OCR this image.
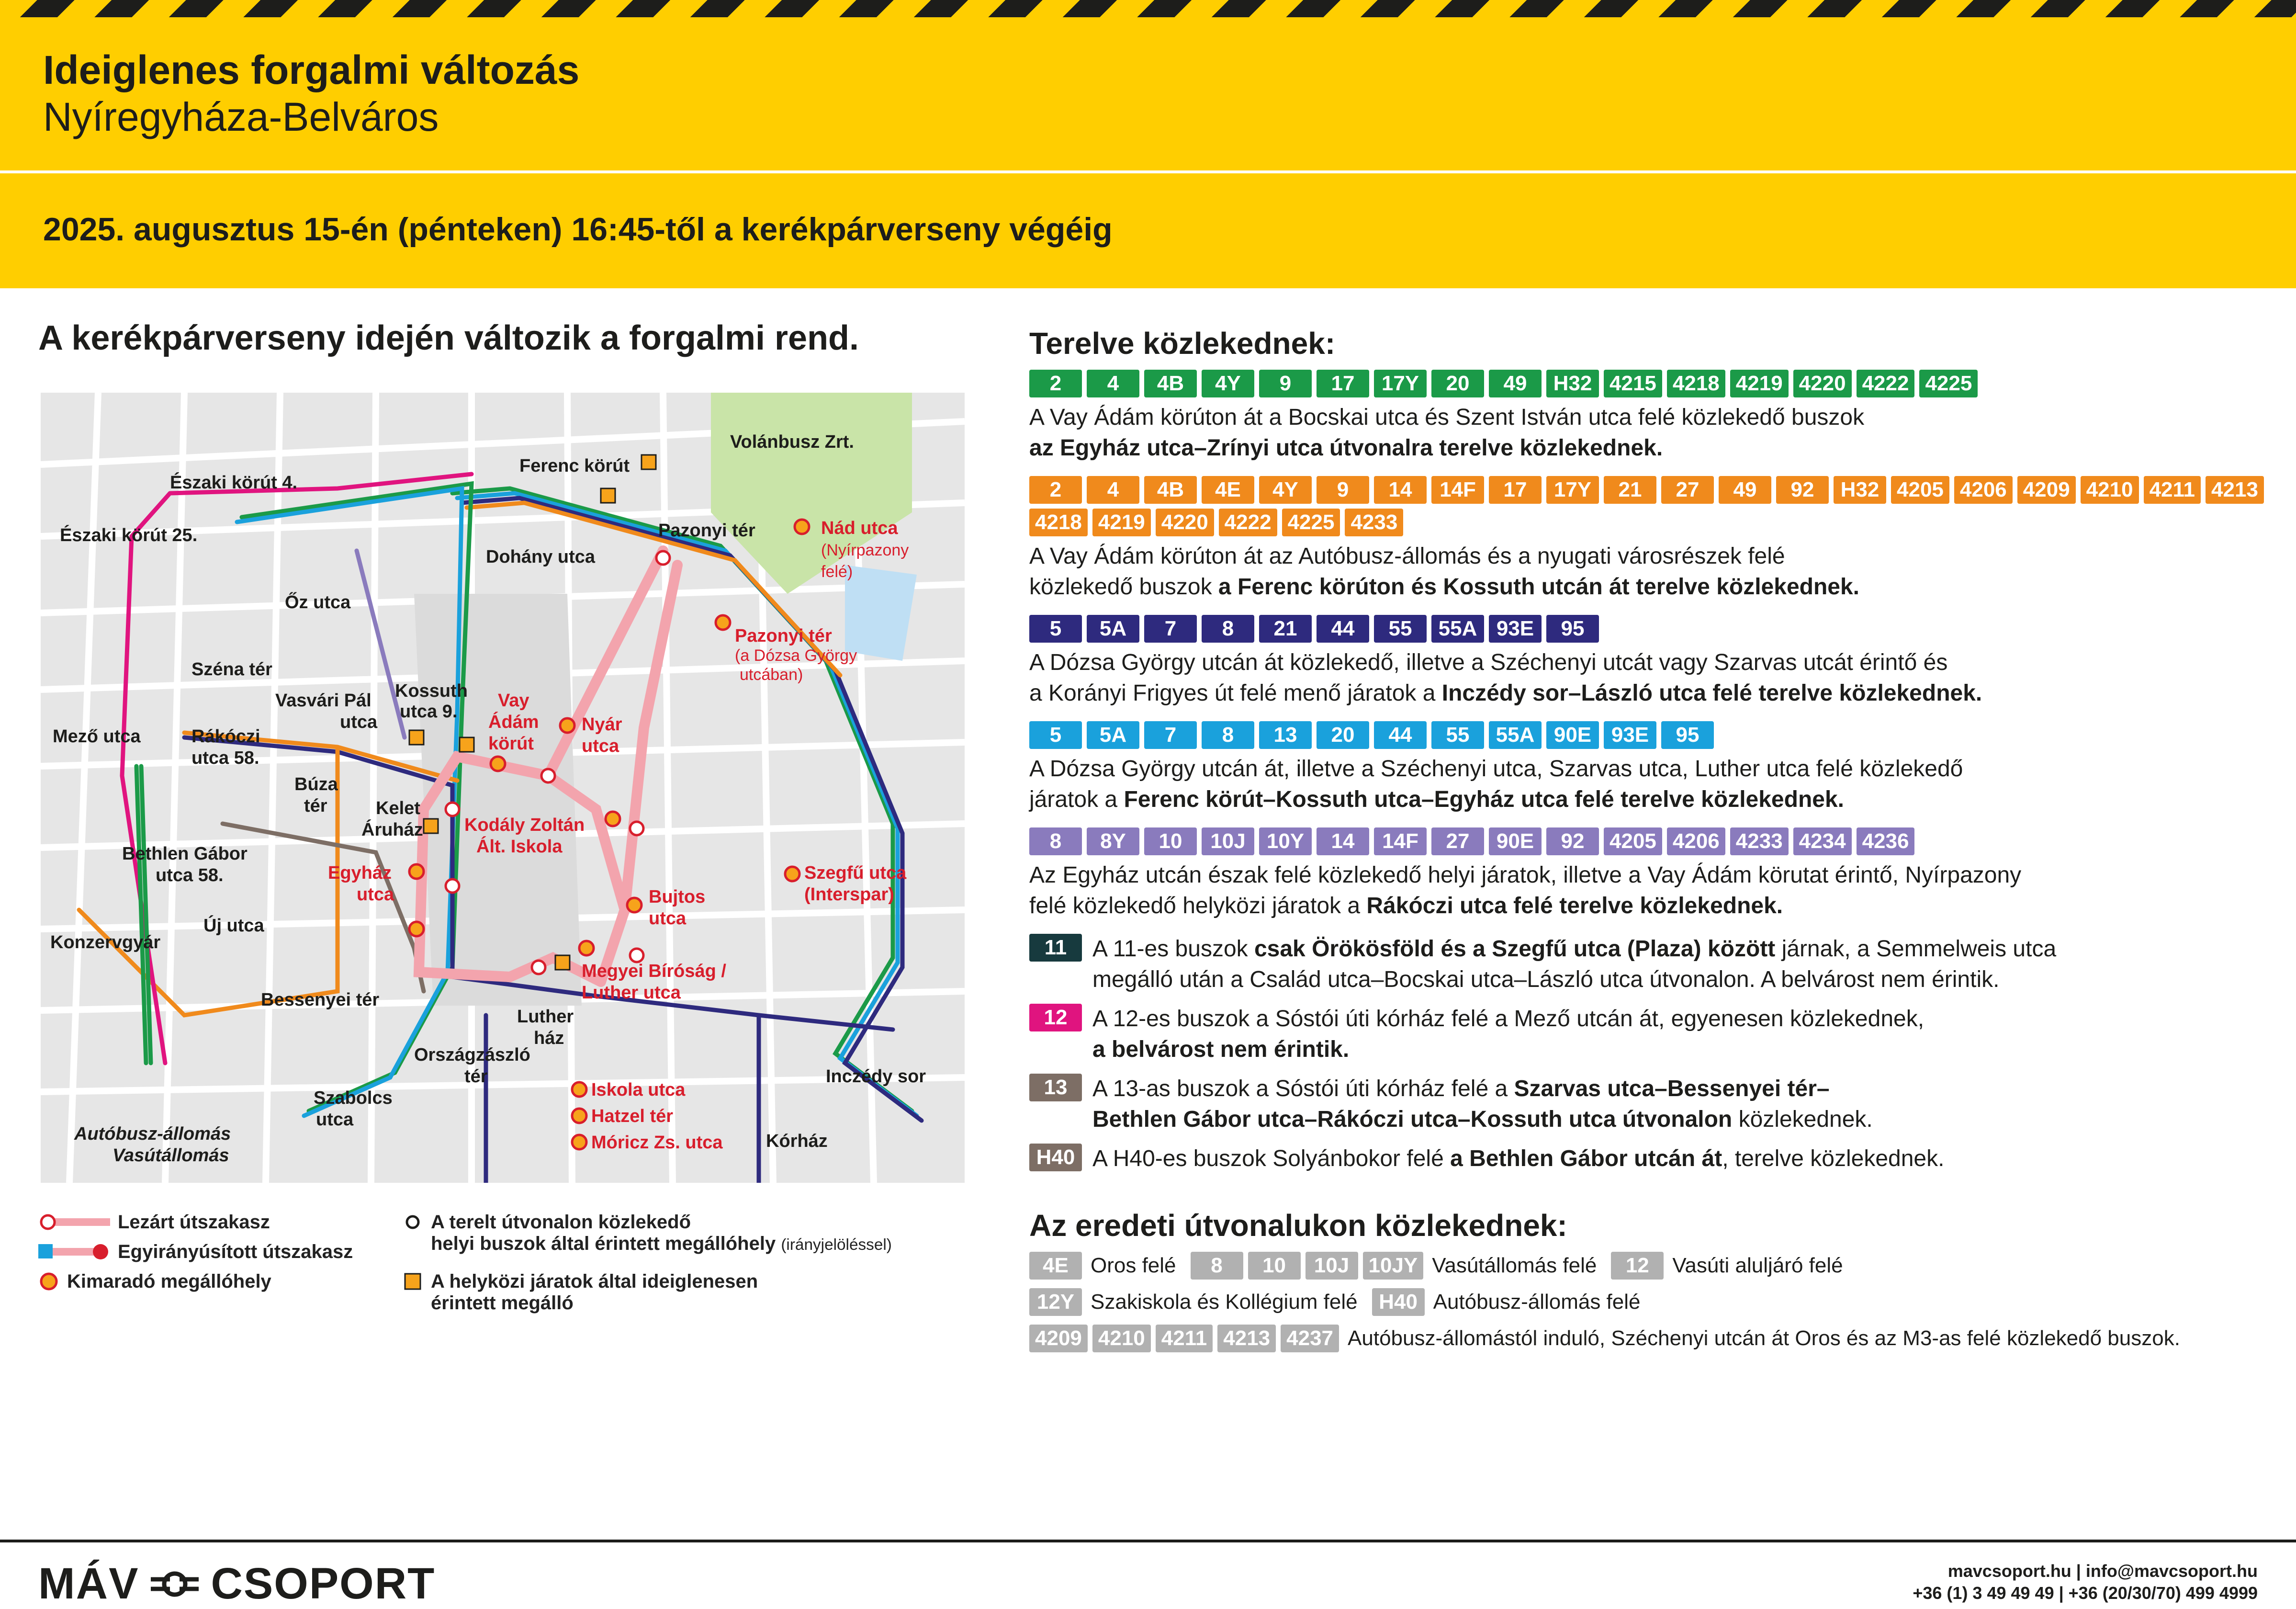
Ideiglenes forgalmi változás
Nyíregyháza-Belváros
2025. augusztus 15-én (pénteken) 16:45-től a kerékpárverseny végéig
A kerékpárverseny idején változik a forgalmi rend.
Volánbusz Zrt.
Ferenc körút
Északi körút 4.
Északi körút 25.	Pazonyi tér
Dohány utca
Őz utca
Széna tér
Vasvári Pál
utca
Kossuth
utca 9.
Mező utca	Rákóczi
utca 58.
Búza
tér	Kelet
Áruház
Bethlen Gábor
utca 58.
Konzervgyár
Új utca
Bessenyei tér
Luther
ház
Országzászló
tér
Szabolcs
utca
Autóbusz-állomás
Vasútállomás
Inczédy sor
Kórház
Nád utca
(Nyírpazony
felé)
Pazonyi tér
(a Dózsa György
utcában)
Vay
Ádám
körút
Nyár
utca
Kodály Zoltán
Ált. Iskola
Egyház
utca	Bujtos
utca
Szegfű utca
(Interspar)
Megyei Bíróság /
Luther utca
Iskola utca
Hatzel tér
Móricz Zs. utca
Lezárt útszakasz
Egyirányúsított útszakasz
Kimaradó megállóhely
A terelt útvonalon közlekedő
helyi buszok által érintett megállóhely (irányjelöléssel)
A helyközi járatok által ideiglenesen
érintett megálló
Terelve közlekednek:
2	4	4B	4Y	9	17	17Y	20	49	H32 4215 4218 4219 4220 4222 4225
A Vay Ádám körúton át a Bocskai utca és Szent István utca felé közlekedő buszok
az Egyház utca–Zrínyi utca útvonalra terelve közlekednek.
2	4	4B	4E	4Y	9	14	14F	17	17Y	21	27	49	92	H32 4205 4206 4209 4210 4211 4213
4218 4219 4220 4222 4225 4233
A Vay Ádám körúton át az Autóbusz-állomás és a nyugati városrészek felé
közlekedő buszok a Ferenc körúton és Kossuth utcán át terelve közlekednek.
5	5A	7	8	21	44	55	55A 93E	95
A Dózsa György utcán át közlekedő, illetve a Széchenyi utcát vagy Szarvas utcát érintő és
a Korányi Frigyes út felé menő járatok a Inczédy sor–László utca felé terelve közlekednek.
5	5A	7	8	13	20	44	55	55A 90E 93E	95
A Dózsa György utcán át, illetve a Széchenyi utca, Szarvas utca, Luther utca felé közlekedő
járatok a Ferenc körút–Kossuth utca–Egyház utca felé terelve közlekednek.
8	8Y	10	10J	10Y	14	14F	27	90E	92	4205 4206 4233 4234 4236
Az Egyház utcán észak felé közlekedő helyi járatok, illetve a Vay Ádám körutat érintő, Nyírpazony
felé közlekedő helyközi járatok a Rákóczi utca felé terelve közlekednek.
11	A 11-es buszok csak Örökösföld és a Szegfű utca (Plaza) között járnak, a Semmelweis utca
megálló után a Család utca–Bocskai utca–László utca útvonalon. A belvárost nem érintik.
12	A 12-es buszok a Sóstói úti kórház felé a Mező utcán át, egyenesen közlekednek,
a belvárost nem érintik.
13	A 13-as buszok a Sóstói úti kórház felé a Szarvas utca–Bessenyei tér–
Bethlen Gábor utca–Rákóczi utca–Kossuth utca útvonalon közlekednek.
H40 A H40-es buszok Solyánbokor felé a Bethlen Gábor utcán át, terelve közlekednek.
Az eredeti útvonalukon közlekednek:
4E	Oros felé	8	10	10J 10JY Vasútállomás felé	12	Vasúti aluljáró felé
12Y Szakiskola és Kollégium felé	H40 Autóbusz-állomás felé
4209 4210 4211 4213 4237 Autóbusz-állomástól induló, Széchenyi utcán át Oros és az M3-as felé közlekedő buszok.
MÁV CSOPORT	mavcsoport.hu | info@mavcsoport.hu
+36 (1) 3 49 49 49 | +36 (20/30/70) 499 4999
